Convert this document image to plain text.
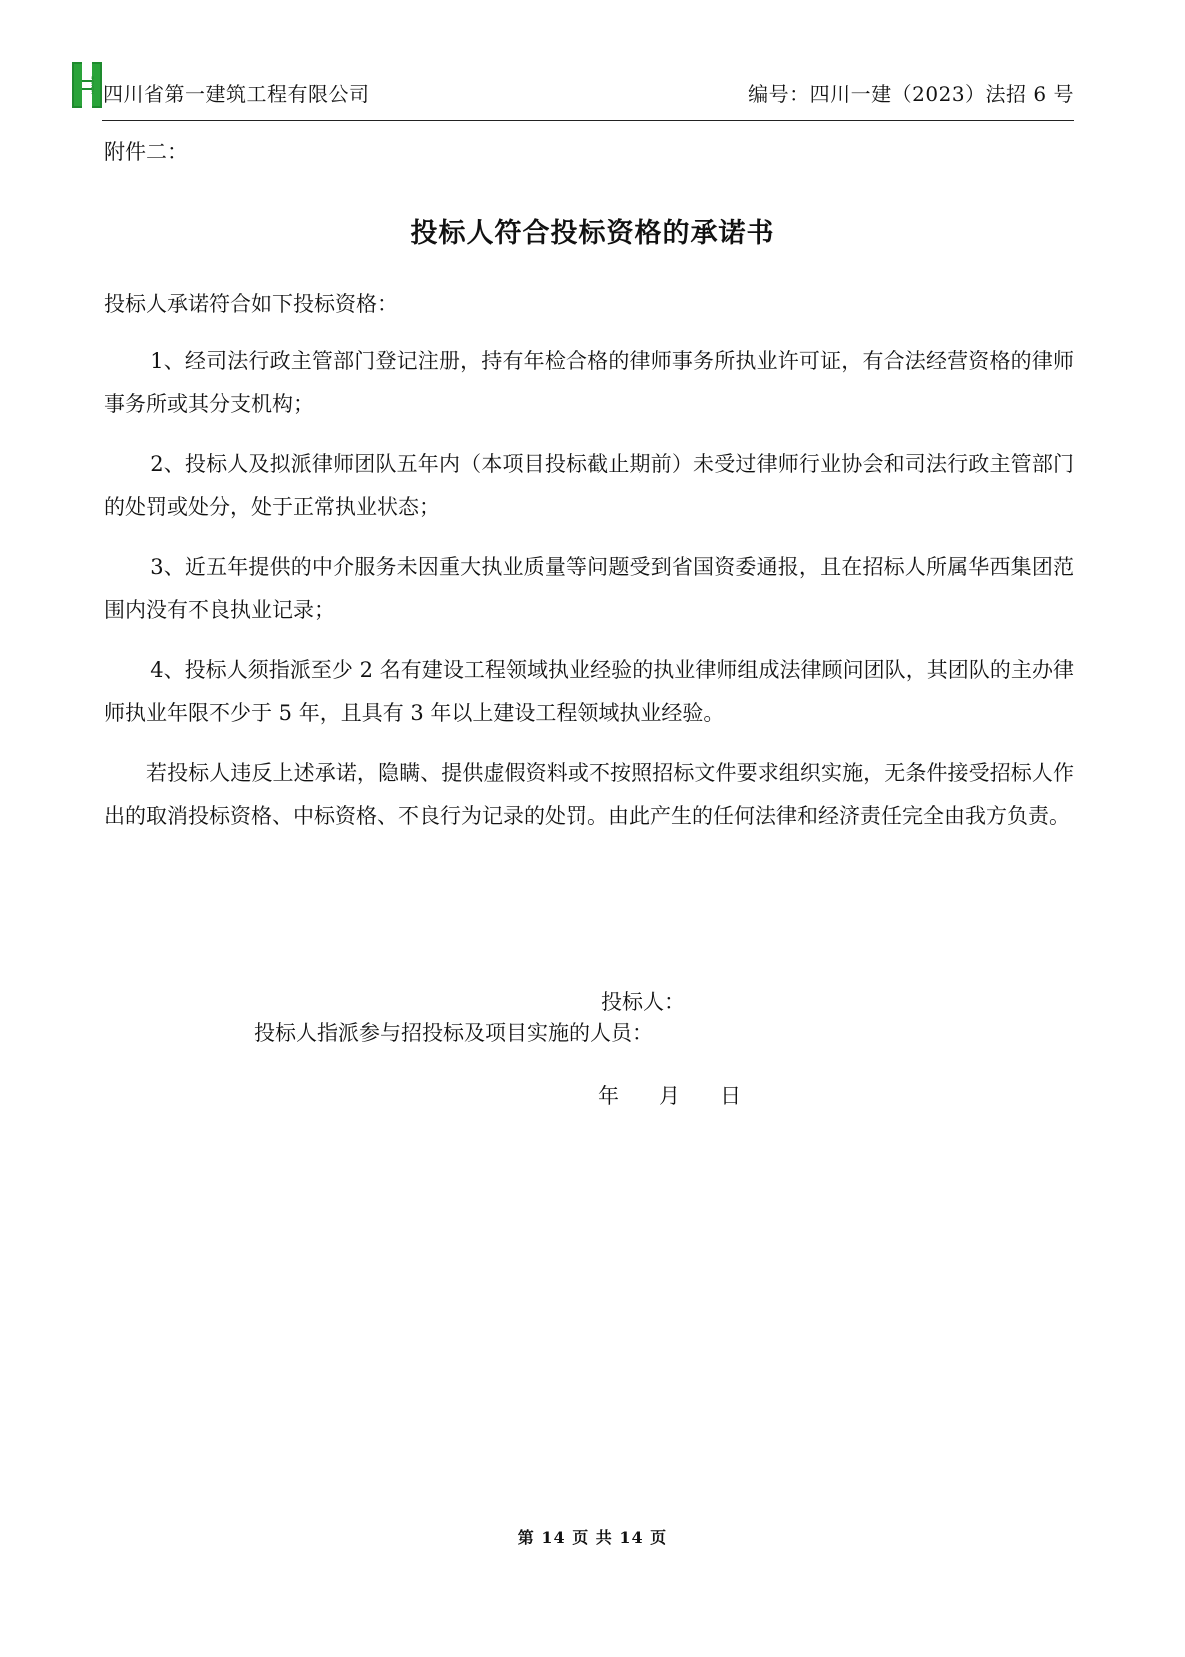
HUASHI 四川省第一建筑工程有限公司	编号：四川一建（2023）法招 6 号
附件二：
投标人符合投标资格的承诺书
投标人承诺符合如下投标资格：

1、经司法行政主管部门登记注册，持有年检合格的律师事务所执业许可证，有合法经营资格的律师事务所或其分支机构；

2、投标人及拟派律师团队五年内（本项目投标截止期前）未受过律师行业协会和司法行政主管部门的处罚或处分，处于正常执业状态；

3、近五年提供的中介服务未因重大执业质量等问题受到省国资委通报，且在招标人所属华西集团范围内没有不良执业记录；

4、投标人须指派至少 2 名有建设工程领域执业经验的执业律师组成法律顾问团队，其团队的主办律师执业年限不少于 5 年，且具有 3 年以上建设工程领域执业经验。

若投标人违反上述承诺，隐瞒、提供虚假资料或不按照招标文件要求组织实施，无条件接受招标人作出的取消投标资格、中标资格、不良行为记录的处罚。由此产生的任何法律和经济责任完全由我方负责。

投标人：
投标人指派参与招投标及项目实施的人员：
年      月      日
第 14 页 共 14 页
